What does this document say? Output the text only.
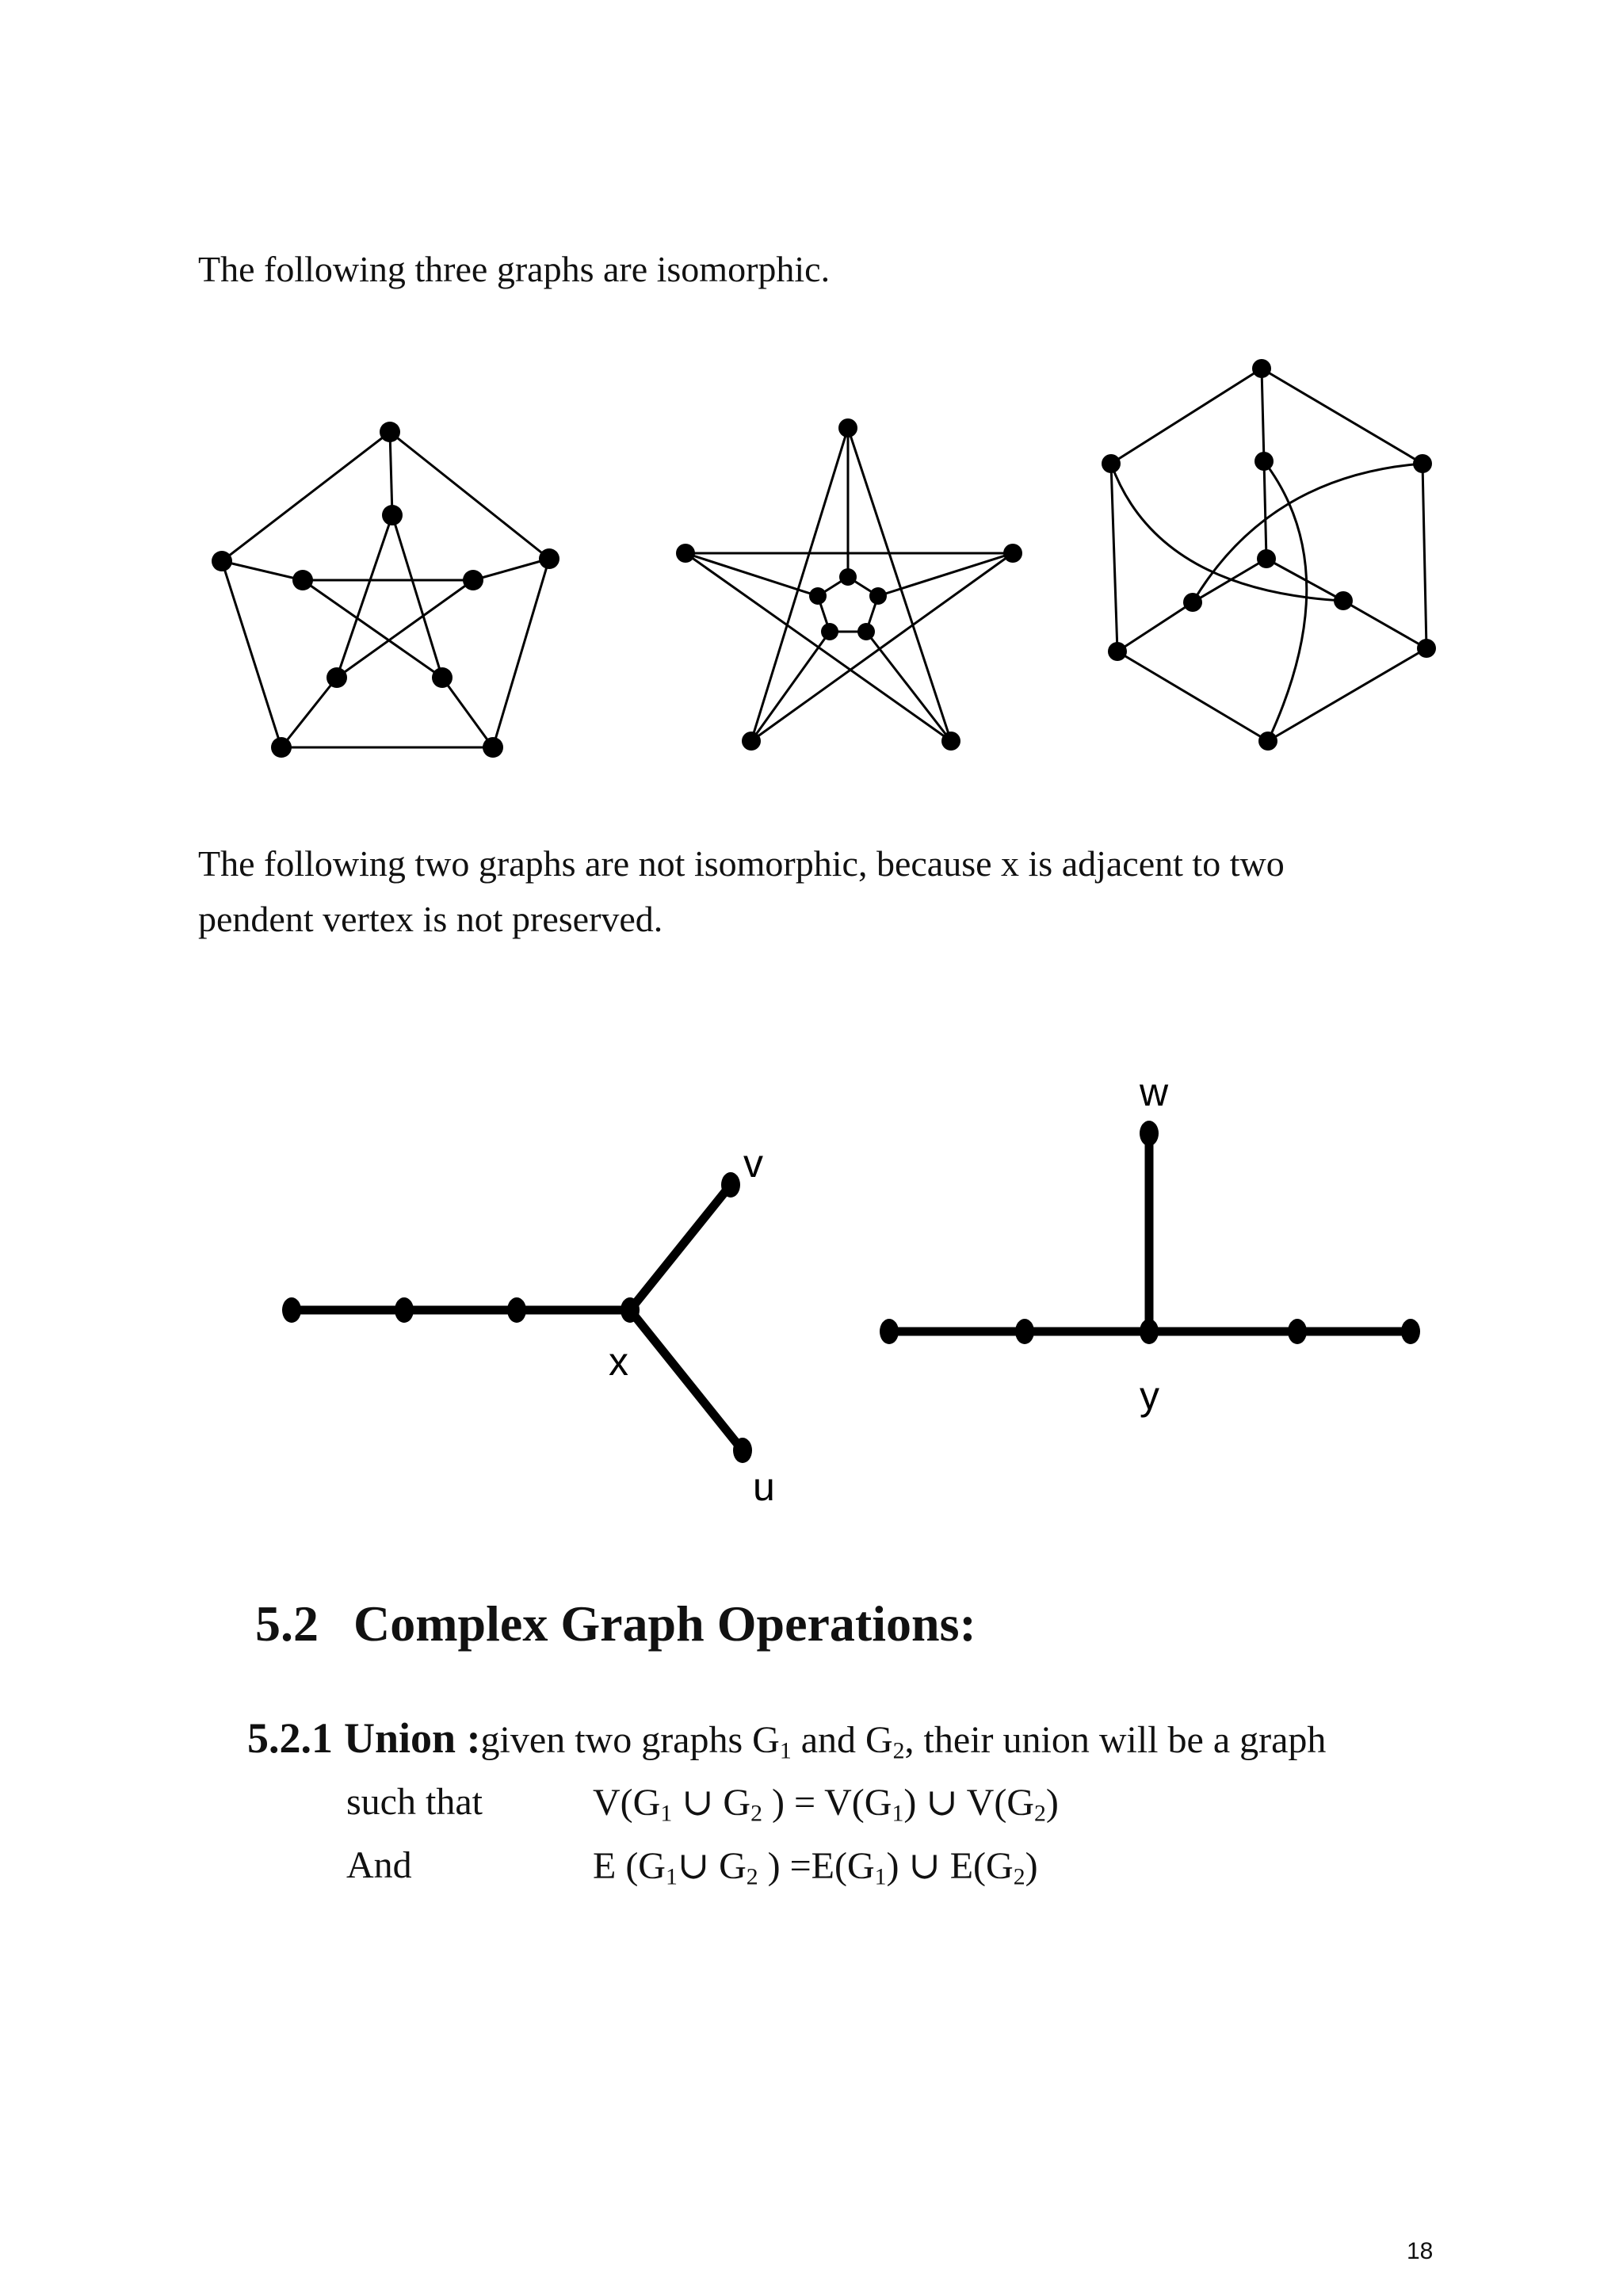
The following three graphs are isomorphic.
The following two graphs are not isomorphic, because x is adjacent to two
pendent vertex is not preserved.
v
x
u
w
y
5.2 Complex Graph Operations:
5.2.1 Union :given two graphs $G_1$ and $G_2$, their union will be a graph
such that	$V(G_1$ ∪ $G_2$ ) = $V(G_1)$ ∪ $V(G_2)$
And	E ($G_1\cup$ $G_2$ ) $=E(G_1)$ ∪ $E(G_2)$
18
